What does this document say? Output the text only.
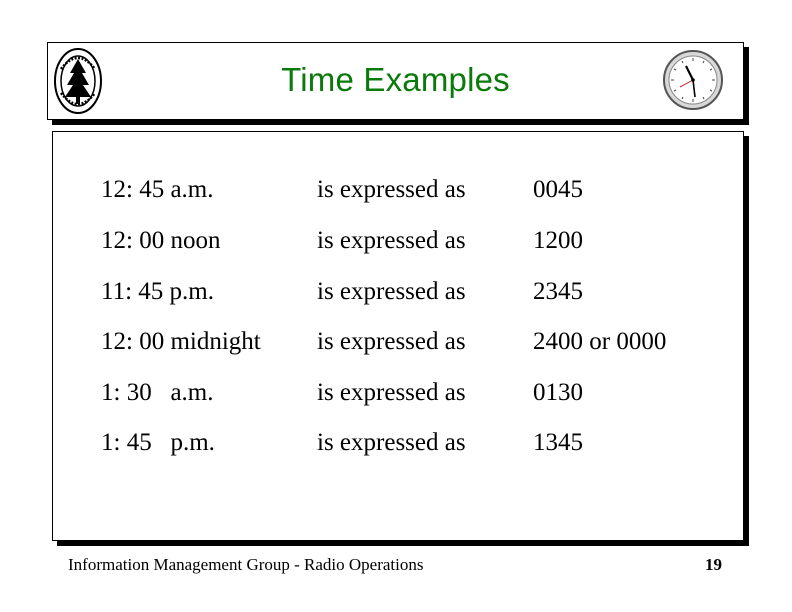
Time Examples
12: 45 a.m.	is expressed as	0045
12: 00 noon	is expressed as	1200
11: 45 p.m.	is expressed as	2345
12: 00 midnight is expressed as	2400 or 0000
1: 30   a.m.	is expressed as	0130
1: 45   p.m.	is expressed as	1345
Information Management Group - Radio Operations	19
